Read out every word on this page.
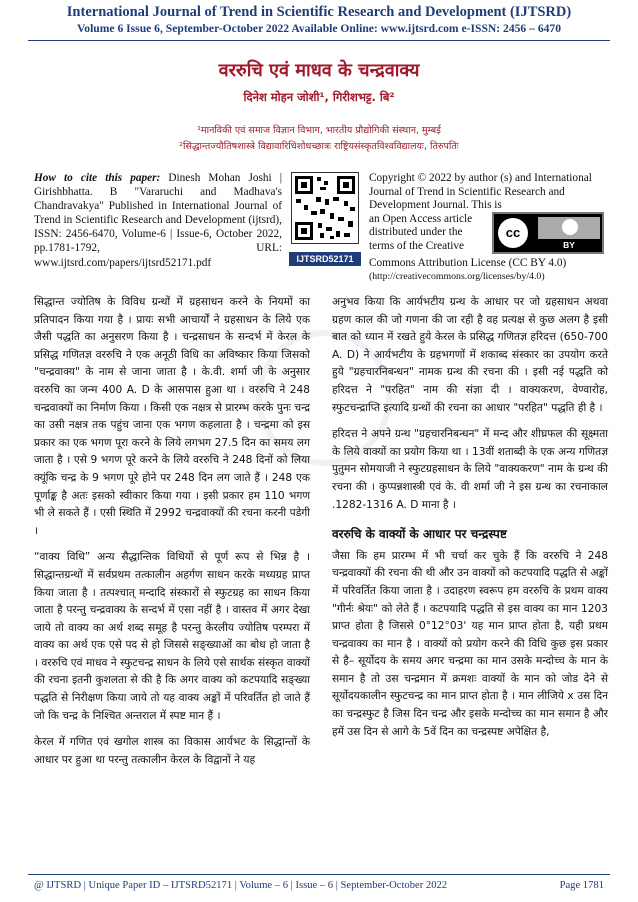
International Journal of Trend in Scientific Research and Development (IJTSRD)
Volume 6 Issue 6, September-October 2022 Available Online: www.ijtsrd.com e-ISSN: 2456 – 6470
वररुचि एवं माधव के चन्द्रवाक्य
दिनेश मोहन जोशी¹, गिरीशभट्ट. बि²
¹मानविकी एवं समाज विज्ञान विभाग, भारतीय प्रौद्योगिकी संस्थान, मुम्बई
²सिद्धान्तज्यौतिषशास्त्रे विद्यावारिधिशोधच्छात्रः राष्ट्रियसंस्कृतविश्वविद्यालयः, तिरुपतिः
How to cite this paper: Dinesh Mohan Joshi | Girishbhatta. B "Vararuchi and Madhava's Chandravakya" Published in International Journal of Trend in Scientific Research and Development (ijtsrd), ISSN: 2456-6470, Volume-6 | Issue-6, October 2022, pp.1781-1792, URL: www.ijtsrd.com/papers/ijtsrd52171.pdf	IJTSRD52171
Copyright © 2022 by author (s) and International Journal of Trend in Scientific Research and Development Journal. This is
an Open Access article distributed under the terms of the Creative
Commons Attribution License (CC BY 4.0)
(http://creativecommons.org/licenses/by/4.0)
cc
BY

सिद्धान्त ज्योतिष के विविध ग्रन्थों में ग्रहसाधन करने के नियमों का प्रतिपादन किया गया है । प्रायः सभी आचार्यों ने ग्रहसाधन के लिये एक जैसी पद्धति का अनुसरण किया है । चन्द्रसाधन के सन्दर्भ में केरल के प्रसिद्ध गणितज्ञ वररुचि ने एक अनूठी विधि का अविष्कार किया जिसको "चन्द्रवाक्य" के नाम से जाना जाता है । के.वी. शर्मा जी के अनुसार वररुचि का जन्म 400 A. D के आसपास हुआ था । वररुचि ने 248 चन्द्रवाक्यों का निर्माण किया । किसी एक नक्षत्र से प्रारम्भ करके पुनः चन्द्र का उसी नक्षत्र तक पहुंच जाना एक भगण कहलाता है । चन्द्रमा को इस प्रकार का एक भगण पूरा करने के लिये लगभग 27.5 दिन का समय लग जाता है । एसे 9 भगण पूरे करने के लिये वररुचि ने 248 दिनों को लिया क्यूंकि चन्द्र के 9 भगण पूरे होने पर 248 दिन लग जाते हैं । 248 एक पूर्णाङ्क है अतः इसको स्वीकार किया गया । इसी प्रकार हम 110 भगण भी ले सकते हैं । एसी स्थिति में 2992 चन्द्रवाक्यों की रचना करनी पडेगी ।

“वाक्य विधि” अन्य सैद्धान्तिक विधियों से पूर्ण रूप से भिन्न है । सिद्धान्तग्रन्थों में सर्वप्रथम तत्कालीन अहर्गण साधन करके मध्यग्रह प्राप्त किया जाता है । तत्पश्चात् मन्दादि संस्कारों से स्फुटग्रह का साधन किया जाता है परन्तु चन्द्रवाक्य के सन्दर्भ में एसा नहीं है । वास्तव में अगर देखा जाये तो वाक्य का अर्थ शब्द समूह है परन्तु केरलीय ज्योतिष परम्परा में वाक्य का अर्थ एक एसे पद से हो जिससे सङ्ख्याओं का बोध हो जाता है । वररुचि एवं माधव ने स्फुटचन्द्र साधन के लिये एसे सार्थक संस्कृत वाक्यों की रचना इतनी कुशलता से की है कि अगर वाक्य को कटपयादि सङ्ख्या पद्धति से निरीक्षण किया जाये तो यह वाक्य अङ्कों में परिवर्तित हो जाते हैं जो कि चन्द्र के निश्चित अन्तराल में स्पष्ट मान हैं ।

केरल में गणित एवं खगोल शास्त्र का विकास आर्यभट के सिद्धान्तों के आधार पर हुआ था परन्तु तत्कालीन केरल के विद्वानों ने यह

अनुभव किया कि आर्यभटीय ग्रन्थ के आधार पर जो ग्रहसाधन अथवा ग्रहण काल की जो गणना की जा रही है वह प्रत्यक्ष से कुछ अलग है इसी बात को ध्यान में रखते हुये केरल के प्रसिद्ध गणितज्ञ हरिदत्त (650-700 A. D) ने आर्यभटीय के ग्रहभगणों में शकाब्द संस्कार का उपयोग करते हुये "ग्रहचारनिबन्धन" नामक ग्रन्थ की रचना की । इसी नई पद्धति को हरिदत्त ने "परहित" नाम की संज्ञा दी । वाक्यकरण, वेण्वारोह, स्फुटचन्द्राप्ति इत्यादि ग्रन्थों की रचना का आधार "परहित" पद्धति ही है ।

हरिदत्त ने अपने ग्रन्थ "ग्रहचारनिबन्धन" में मन्द और शीघ्रफल की सूक्ष्मता के लिये वाक्यों का प्रयोग किया था । 13वीं शताब्दी के एक अन्य गणितज्ञ पुतुमन सोमयाजी ने स्फुटग्रहसाधन के लिये "वाक्यकरण" नाम के ग्रन्थ की रचना की । कुप्पन्नशास्त्री एवं के. वी शर्मा जी ने इस ग्रन्थ का रचनाकाल .1282-1316 A. D माना है ।

वररुचि के वाक्यों के आधार पर चन्द्रस्पष्ट

जैसा कि हम प्रारम्भ में भी चर्चा कर चुके हैं कि वररुचि ने 248 चन्द्रवाक्यों की रचना की थी और उन वाक्यों को कटपयादि पद्धति से अङ्कों में परिवर्तित किया जाता है । उदाहरण स्वरूप हम वररुचि के प्रथम वाक्य "गीर्नः श्रेयः" को लेते हैं । कटपयादि पद्धति से इस वाक्य का मान 1203 प्राप्त होता है जिससे 0°12°03' यह मान प्राप्त होता है, यही प्रथम चन्द्रवाक्य का मान है । वाक्यों को प्रयोग करने की विधि कुछ इस प्रकार से है– सूर्योदय के समय अगर चन्द्रमा का मान उसके मन्दोच्च के मान के समान है तो उस चन्द्रमान में क्रमशः वाक्यों के मान को जोड देने से सूर्योदयकालीन स्फुटचन्द्र का मान प्राप्त होता है । मान लीजिये x उस दिन का चन्द्रस्फुट है जिस दिन चन्द्र और इसके मन्दोच्च का मान समान है और हमें उस दिन से आगे के 5वें दिन का चन्द्रस्पष्ट अपेक्षित है,

@ IJTSRD | Unique Paper ID – IJTSRD52171 | Volume – 6 | Issue – 6 | September-October 2022	Page 1781
